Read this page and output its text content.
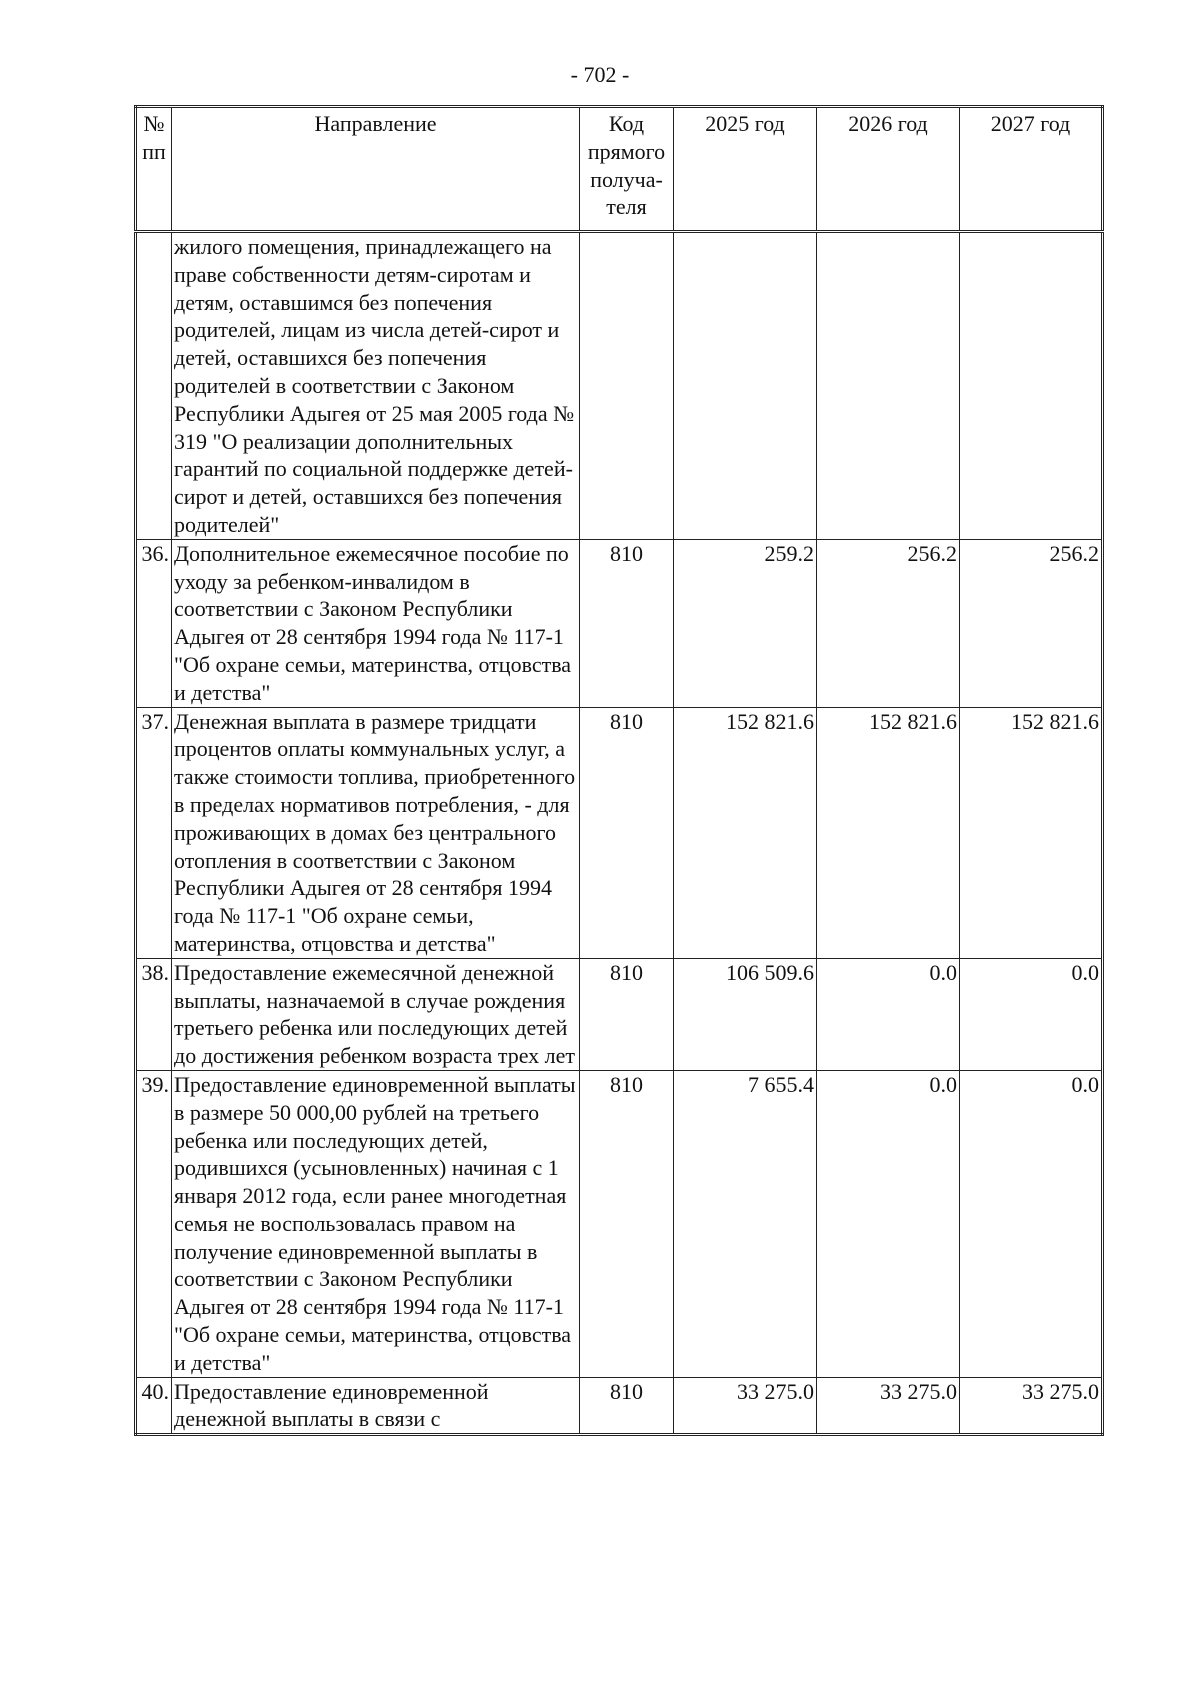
- 702 -
№ пп	Направление	Код прямого получа-теля	2025 год	2026 год	2027 год
	жилого помещения, принадлежащего на праве собственности детям-сиротам и детям, оставшимся без попечения родителей, лицам из числа детей-сирот и детей, оставшихся без попечения родителей в соответствии с Законом Республики Адыгея от 25 мая 2005 года № 319 "О реализации дополнительных гарантий по социальной поддержке детей-сирот и детей, оставшихся без попечения родителей"				
36.	Дополнительное ежемесячное пособие по уходу за ребенком-инвалидом в соответствии с Законом Республики Адыгея от 28 сентября 1994 года № 117-1 "Об охране семьи, материнства, отцовства и детства"	810	259.2	256.2	256.2
37.	Денежная выплата в размере тридцати процентов оплаты коммунальных услуг, а также стоимости топлива, приобретенного в пределах нормативов потребления, - для проживающих в домах без центрального отопления в соответствии с Законом Республики Адыгея от 28 сентября 1994 года № 117-1 "Об охране семьи, материнства, отцовства и детства"	810	152 821.6	152 821.6	152 821.6
38.	Предоставление ежемесячной денежной выплаты, назначаемой в случае рождения третьего ребенка или последующих детей до достижения ребенком возраста трех лет	810	106 509.6	0.0	0.0
39.	Предоставление единовременной выплаты в размере 50 000,00 рублей на третьего ребенка или последующих детей, родившихся (усыновленных) начиная с 1 января 2012 года, если ранее многодетная семья не воспользовалась правом на получение единовременной выплаты в соответствии с Законом Республики Адыгея от 28 сентября 1994 года № 117-1 "Об охране семьи, материнства, отцовства и детства"	810	7 655.4	0.0	0.0
40.	Предоставление единовременной денежной выплаты в связи с	810	33 275.0	33 275.0	33 275.0
